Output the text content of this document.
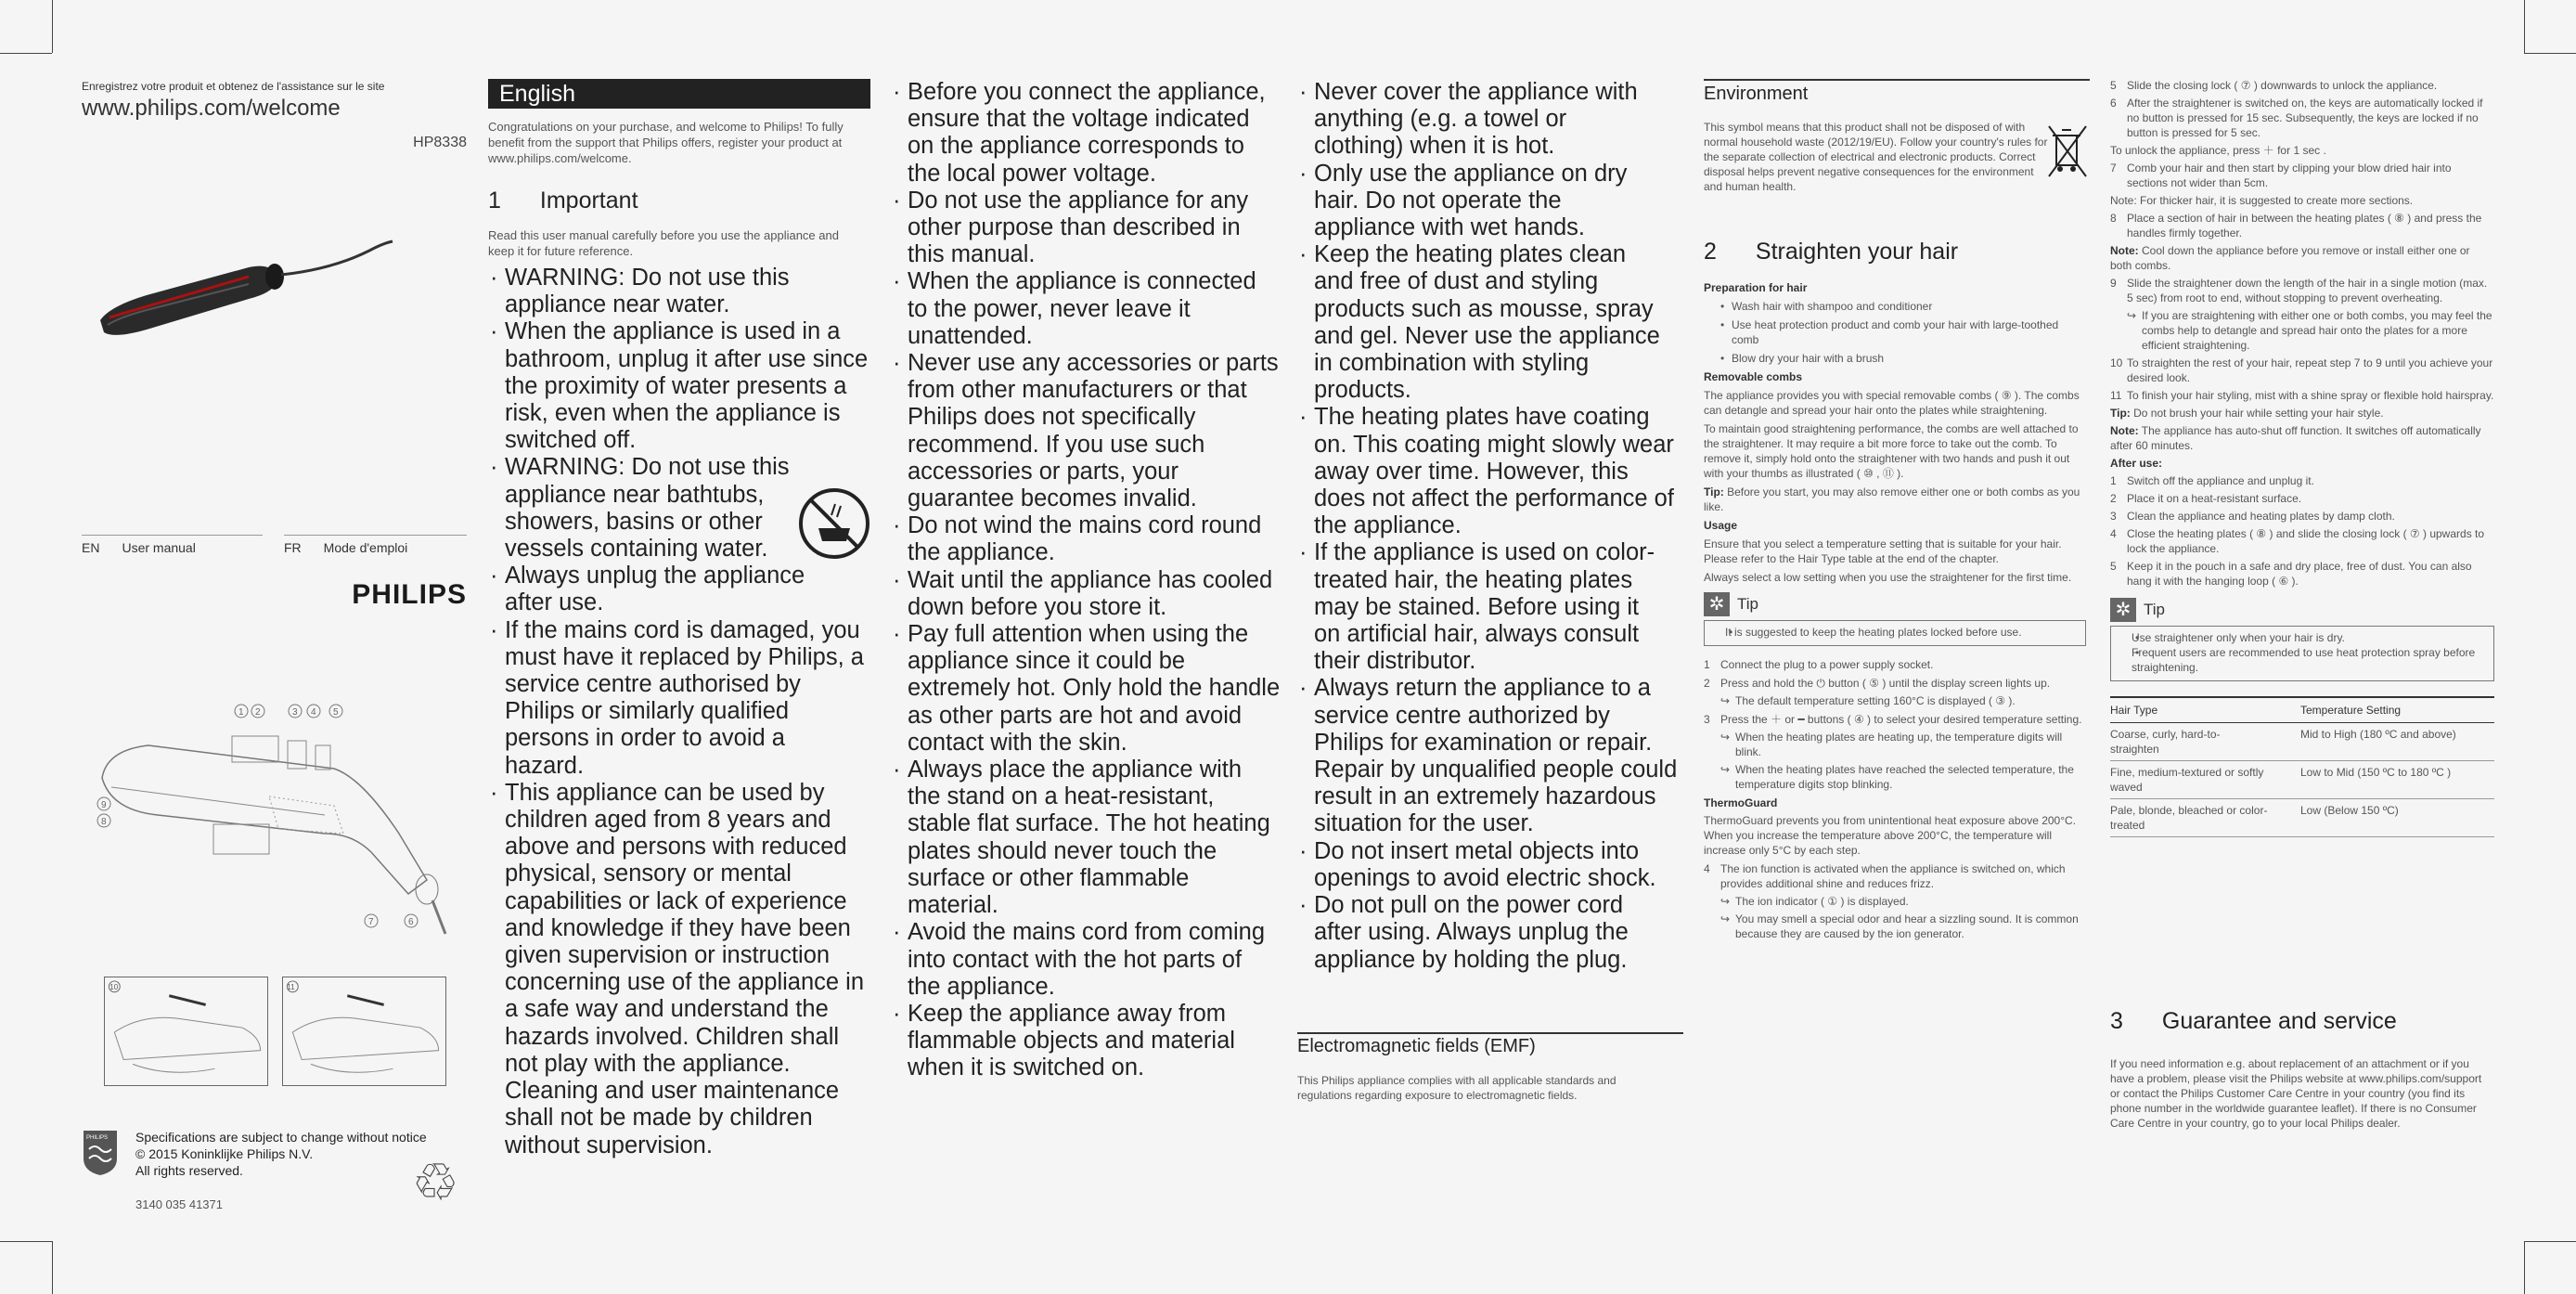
Enregistrez votre produit et obtenez de l'assistance sur le site
www.philips.com/welcome
HP8338
EN User manual	FR Mode d'emploi
PHILIPS
1 2	3 4 5
9
8
7	6
10	11
PHILIPS Specifications are subject to change without notice
© 2015 Koninklijke Philips N.V.
All rights reserved.	♲
3140 035 41371
English
Congratulations on your purchase, and welcome to Philips! To fully benefit from the support that Philips offers, register your product at www.philips.com/welcome.
1 Important
Read this user manual carefully before you use the appliance and keep it for future reference.
· WARNING: Do not use this appliance near water.
· When the appliance is used in a bathroom, unplug it after use since the proximity of water presents a risk, even when the appliance is switched off.
· WARNING: Do not use this appliance near bathtubs, showers, basins or other vessels containing water.
· Always unplug the appliance after use.
· If the mains cord is damaged, you must have it replaced by Philips, a service centre authorised by Philips or similarly qualified persons in order to avoid a hazard.
· This appliance can be used by children aged from 8 years and above and persons with reduced physical, sensory or mental capabilities or lack of experience and knowledge if they have been given supervision or instruction concerning use of the appliance in a safe way and understand the hazards involved. Children shall not play with the appliance. Cleaning and user maintenance shall not be made by children without supervision.
· Before you connect the appliance, ensure that the voltage indicated on the appliance corresponds to the local power voltage.
· Do not use the appliance for any other purpose than described in this manual.
· When the appliance is connected to the power, never leave it unattended.
· Never use any accessories or parts from other manufacturers or that Philips does not specifically recommend. If you use such accessories or parts, your guarantee becomes invalid.
· Do not wind the mains cord round the appliance.
· Wait until the appliance has cooled down before you store it.
· Pay full attention when using the appliance since it could be extremely hot. Only hold the handle as other parts are hot and avoid contact with the skin.
· Always place the appliance with the stand on a heat-resistant, stable flat surface. The hot heating plates should never touch the surface or other flammable material.
· Avoid the mains cord from coming into contact with the hot parts of the appliance.
· Keep the appliance away from flammable objects and material when it is switched on.
· Never cover the appliance with anything (e.g. a towel or clothing) when it is hot.
· Only use the appliance on dry hair. Do not operate the appliance with wet hands.
· Keep the heating plates clean and free of dust and styling products such as mousse, spray and gel. Never use the appliance in combination with styling products.
· The heating plates have coating on. This coating might slowly wear away over time. However, this does not affect the performance of the appliance.
· If the appliance is used on color-treated hair, the heating plates may be stained. Before using it on artificial hair, always consult their distributor.
· Always return the appliance to a service centre authorized by Philips for examination or repair. Repair by unqualified people could result in an extremely hazardous situation for the user.
· Do not insert metal objects into openings to avoid electric shock.
· Do not pull on the power cord after using. Always unplug the appliance by holding the plug.
Electromagnetic fields (EMF)
This Philips appliance complies with all applicable standards and regulations regarding exposure to electromagnetic fields.
Environment
This symbol means that this product shall not be disposed of with normal household waste (2012/19/EU). Follow your country's rules for the separate collection of electrical and electronic products. Correct disposal helps prevent negative consequences for the environment and human health.
2 Straighten your hair
Preparation for hair
• Wash hair with shampoo and conditioner
• Use heat protection product and comb your hair with large-toothed comb
• Blow dry your hair with a brush
Removable combs
The appliance provides you with special removable combs ( ⑨ ). The combs can detangle and spread your hair onto the plates while straightening.
To maintain good straightening performance, the combs are well attached to the straightener. It may require a bit more force to take out the comb. To remove it, simply hold onto the straightener with two hands and push it out with your thumbs as illustrated ( ⑩ , ⑪ ).
Tip: Before you start, you may also remove either one or both combs as you like.
Usage
Ensure that you select a temperature setting that is suitable for your hair. Please refer to the Hair Type table at the end of the chapter.
Always select a low setting when you use the straightener for the first time.
✲ Tip
• It is suggested to keep the heating plates locked before use.
1 Connect the plug to a power supply socket.
2 Press and hold the ⏻ button ( ⑤ ) until the display screen lights up.
↪ The default temperature setting 160°C is displayed ( ③ ).
3 Press the ＋ or ━ buttons ( ④ ) to select your desired temperature setting.
↪ When the heating plates are heating up, the temperature digits will blink.
↪ When the heating plates have reached the selected temperature, the temperature digits stop blinking.
ThermoGuard
ThermoGuard prevents you from unintentional heat exposure above 200°C. When you increase the temperature above 200°C, the temperature will increase only 5°C by each step.
4 The ion function is activated when the appliance is switched on, which provides additional shine and reduces frizz.
↪ The ion indicator ( ① ) is displayed.
↪ You may smell a special odor and hear a sizzling sound. It is common because they are caused by the ion generator.
5 Slide the closing lock ( ⑦ ) downwards to unlock the appliance.
6 After the straightener is switched on, the keys are automatically locked if no button is pressed for 15 sec. Subsequently, the keys are locked if no button is pressed for 5 sec.
To unlock the appliance, press ＋ for 1 sec .
7 Comb your hair and then start by clipping your blow dried hair into sections not wider than 5cm.
Note: For thicker hair, it is suggested to create more sections.
8 Place a section of hair in between the heating plates ( ⑧ ) and press the handles firmly together.
Note: Cool down the appliance before you remove or install either one or both combs.
9 Slide the straightener down the length of the hair in a single motion (max. 5 sec) from root to end, without stopping to prevent overheating.
↪ If you are straightening with either one or both combs, you may feel the combs help to detangle and spread hair onto the plates for a more efficient straightening.
10 To straighten the rest of your hair, repeat step 7 to 9 until you achieve your desired look.
11 To finish your hair styling, mist with a shine spray or flexible hold hairspray.
Tip: Do not brush your hair while setting your hair style.
Note: The appliance has auto-shut off function. It switches off automatically after 60 minutes.
After use:
1 Switch off the appliance and unplug it.
2 Place it on a heat-resistant surface.
3 Clean the appliance and heating plates by damp cloth.
4 Close the heating plates ( ⑧ ) and slide the closing lock ( ⑦ ) upwards to lock the appliance.
5 Keep it in the pouch in a safe and dry place, free of dust. You can also hang it with the hanging loop ( ⑥ ).
✲ Tip
• Use straightener only when your hair is dry.
• Frequent users are recommended to use heat protection spray before straightening.
Hair Type	Temperature Setting
Coarse, curly, hard-to-straighten	Mid to High (180 ºC and above)
Fine, medium-textured or softly waved	Low to Mid (150 ºC to 180 ºC )
Pale, blonde, bleached or color-treated	Low (Below 150 ºC)
3 Guarantee and service
If you need information e.g. about replacement of an attachment or if you have a problem, please visit the Philips website at www.philips.com/support or contact the Philips Customer Care Centre in your country (you find its phone number in the worldwide guarantee leaflet). If there is no Consumer Care Centre in your country, go to your local Philips dealer.
